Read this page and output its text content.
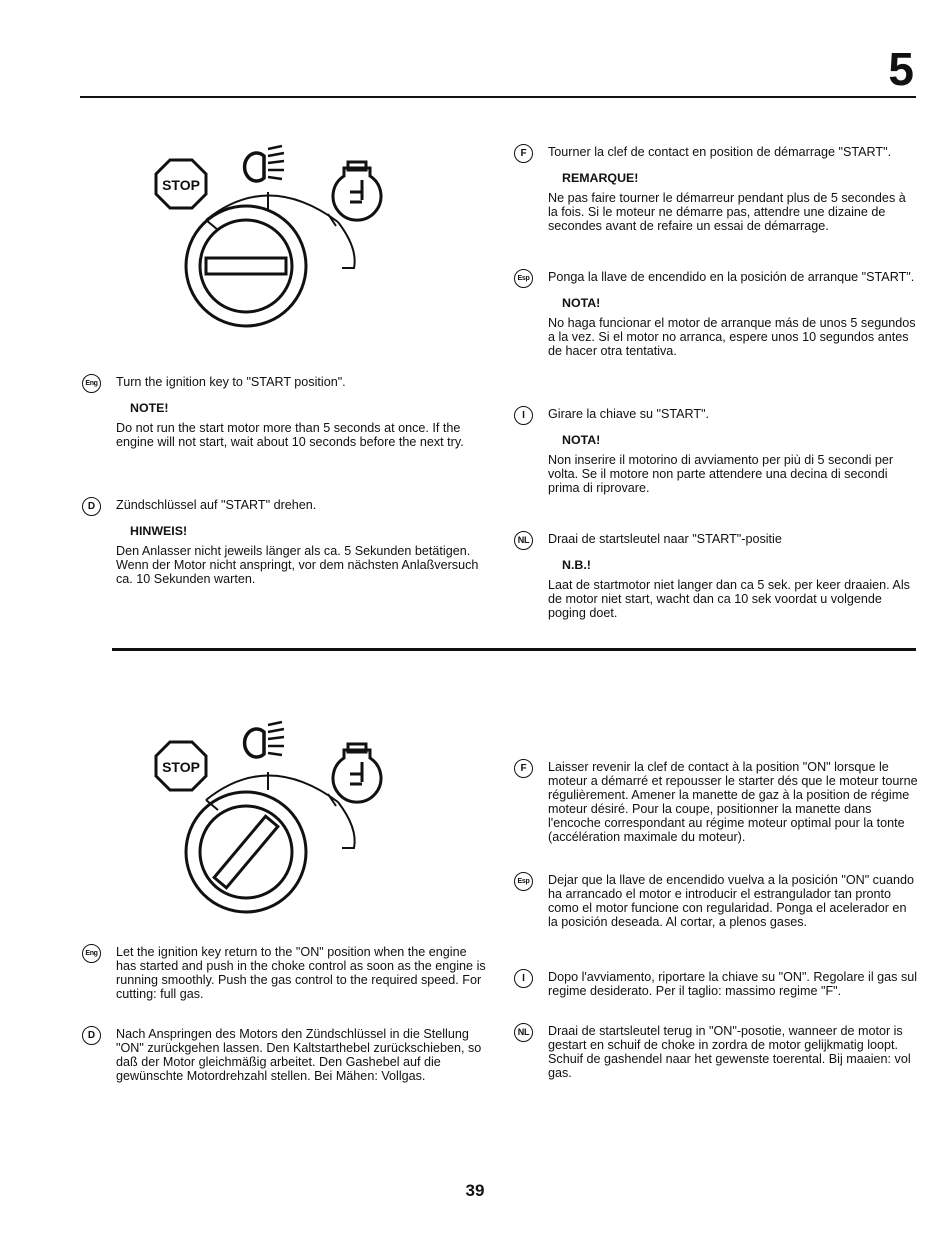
5
STOP
STOP
Eng Turn the ignition key to "START position".
NOTE!
Do not run the start motor more than 5 seconds at once. If the engine will not start, wait about 10 seconds before the next try.
D	Zündschlüssel auf "START" drehen.
HINWEIS!
Den Anlasser nicht jeweils länger als ca. 5 Sekunden betätigen. Wenn der Motor nicht anspringt, vor dem nächsten Anlaßversuch ca. 10 Sekunden warten.
F	Tourner la clef de contact en position de démarrage "START".
REMARQUE!
Ne pas faire tourner le démarreur pendant plus de 5 secondes à la fois. Si le moteur ne démarre pas, attendre une dizaine de secondes avant de refaire un essai de démarrage.
Esp Ponga la llave de encendido en la posición de arranque "START".
NOTA!
No haga funcionar el motor de arranque más de unos 5 segundos a la vez. Si el motor no arranca, espere unos 10 segundos antes de hacer otra tentativa.
I	Girare la chiave su "START".
NOTA!
Non inserire il motorino di avviamento per più di 5 secondi per volta. Se il motore non parte attendere una decina di secondi prima di riprovare.
NL	Draai de startsleutel naar "START"-positie
N.B.!
Laat de startmotor niet langer dan ca 5 sek. per keer draaien. Als de motor niet start, wacht dan ca 10 sek voordat u volgende poging doet.
Eng Let the ignition key return to the "ON" position when the engine has started and push in the choke control as soon as the engine is running smoothly. Push the gas control to the required speed. For cutting: full gas.
D	Nach Anspringen des Motors den Zündschlüssel in die Stellung "ON" zurückgehen lassen. Den Kaltstarthebel zurückschieben, so daß der Motor gleichmäßig arbeitet. Den Gashebel auf die gewünschte Motordrehzahl stellen. Bei Mähen: Vollgas.
F	Laisser revenir la clef de contact à la position "ON" lorsque le moteur a démarré et repousser le starter dés que le moteur tourne régulièrement. Amener la manette de gaz à la position de régime moteur désiré. Pour la coupe, positionner la manette dans l'encoche correspondant au régime moteur optimal pour la tonte (accélération maximale du moteur).
Esp Dejar que la llave de encendido vuelva a la posición "ON" cuando ha arrancado el motor e introducir el estrangulador tan pronto como el motor funcione con regularidad. Ponga el acelerador en la posición deseada. Al cortar, a plenos gases.
I	Dopo l'avviamento, riportare la chiave su "ON". Regolare il gas sul regime desiderato. Per il taglio: massimo regime "F".
NL	Draai de startsleutel terug in "ON"-posotie, wanneer de motor is gestart en schuif de choke in zordra de motor gelijkmatig loopt. Schuif de gashendel naar het gewenste toerental. Bij maaien: vol gas.
39
